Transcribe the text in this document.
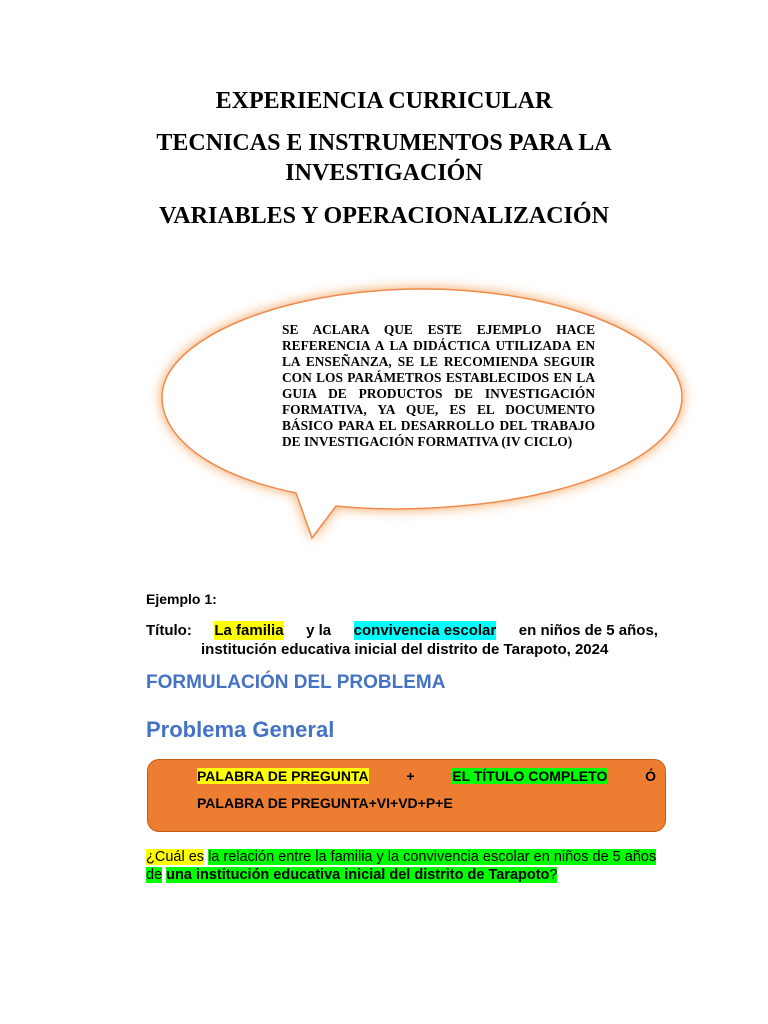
EXPERIENCIA CURRICULAR
TECNICAS E INSTRUMENTOS PARA LA
INVESTIGACIÓN
VARIABLES Y OPERACIONALIZACIÓN
SE ACLARA QUE ESTE EJEMPLO HACE REFERENCIA A LA DIDÁCTICA UTILIZADA EN LA ENSEÑANZA, SE LE RECOMIENDA SEGUIR CON LOS PARÁMETROS ESTABLECIDOS EN LA GUIA DE PRODUCTOS DE INVESTIGACIÓN FORMATIVA, YA QUE, ES EL DOCUMENTO BÁSICO PARA EL DESARROLLO DEL TRABAJO DE INVESTIGACIÓN FORMATIVA (IV CICLO)
Ejemplo 1:
Título: La familia y la convivencia escolar en niños de 5 años,
institución educativa inicial del distrito de Tarapoto, 2024
FORMULACIÓN DEL PROBLEMA
Problema General
PALABRA DE PREGUNTA	+	EL TÍTULO COMPLETO	Ó
PALABRA DE PREGUNTA+VI+VD+P+E
¿Cuál es la relación entre la familia y la convivencia escolar en niños de 5 años de una institución educativa inicial del distrito de Tarapoto?
